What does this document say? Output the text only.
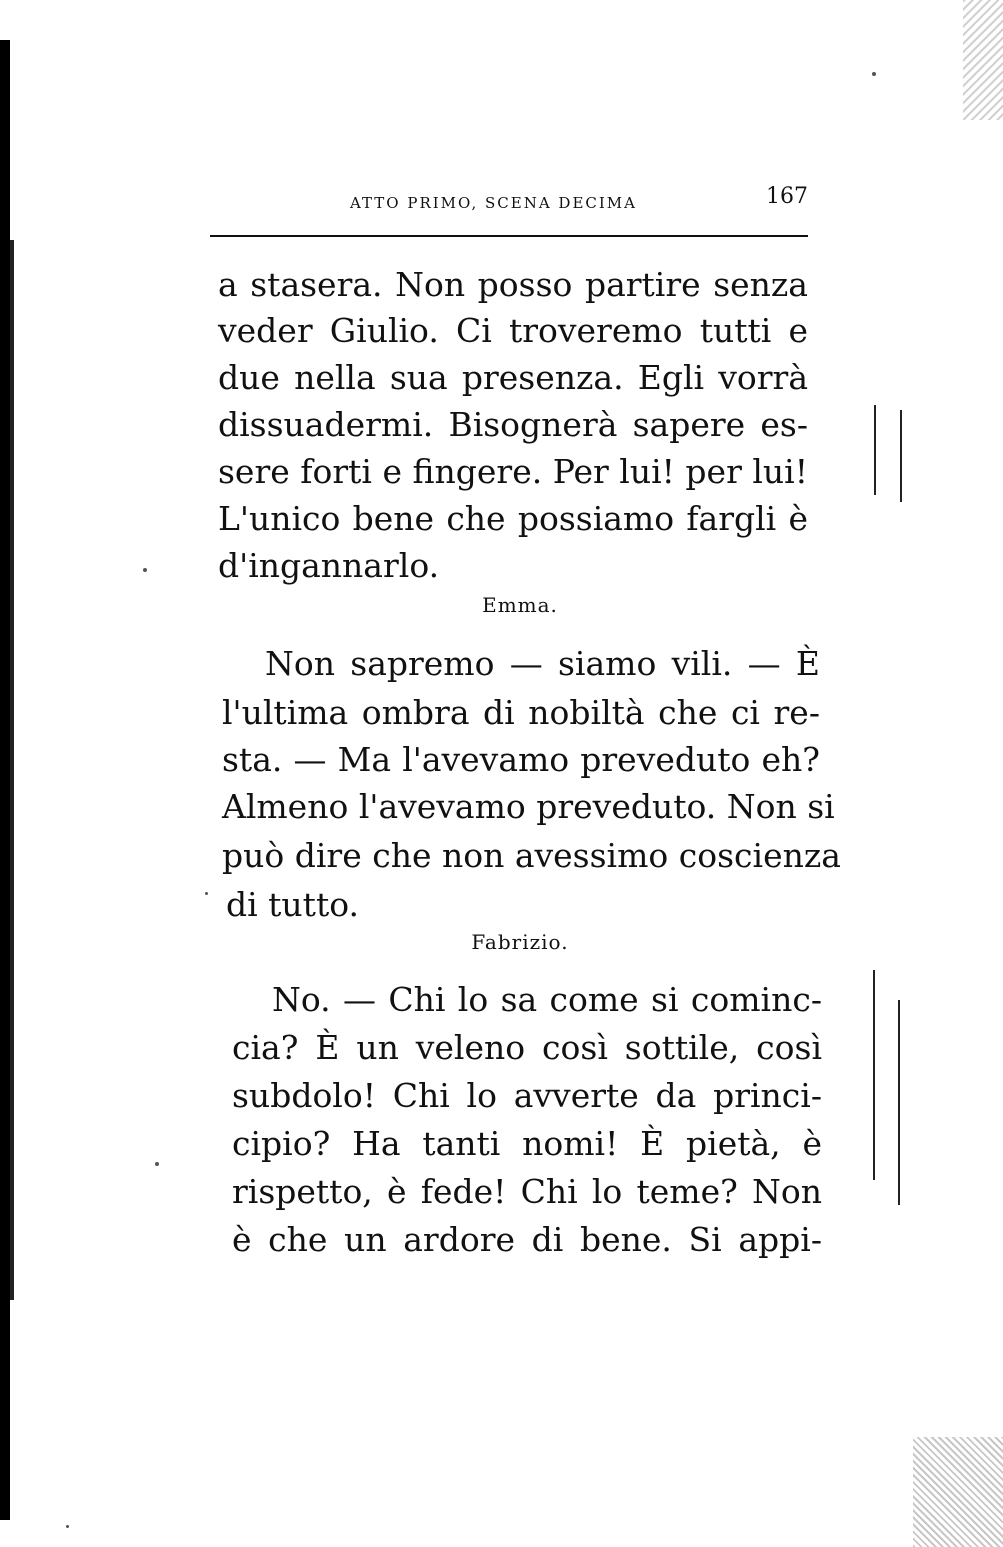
ATTO PRIMO, SCENA DECIMA	167
a stasera. Non posso partire senza
veder Giulio. Ci troveremo tutti e
due nella sua presenza. Egli vorrà
dissuadermi. Bisognerà sapere es-
sere forti e fingere. Per lui! per lui!
L'unico bene che possiamo fargli è
d'ingannarlo.
Emma.
Non sapremo — siamo vili. — È
l'ultima ombra di nobiltà che ci re-
sta. — Ma l'avevamo preveduto eh?
Almeno l'avevamo preveduto. Non si
può dire che non avessimo coscienza
di tutto.
Fabrizio.
No. — Chi lo sa come si cominc-
cia? È un veleno così sottile, così
subdolo! Chi lo avverte da princi-
cipio? Ha tanti nomi! È pietà, è
rispetto, è fede! Chi lo teme? Non
è che un ardore di bene. Si appi-
